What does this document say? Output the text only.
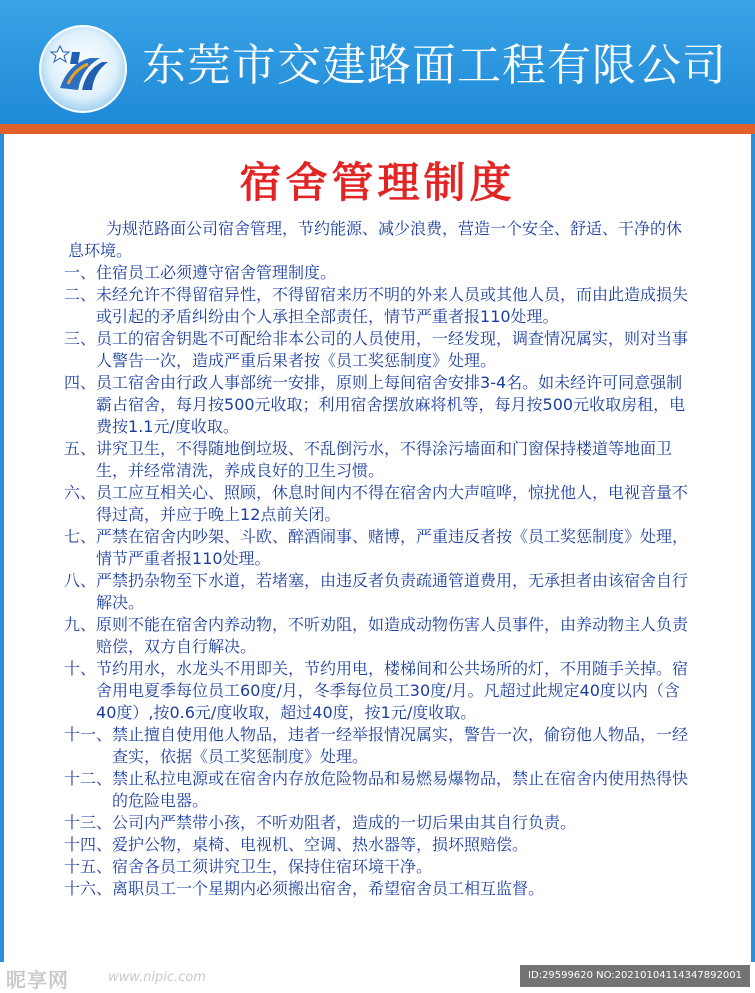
东莞市交建路面工程有限公司
宿舍管理制度
为规范路面公司宿舍管理，节约能源、减少浪费，营造一个安全、舒适、干净的休息环境。
一、 住宿员工必须遵守宿舍管理制度。
二、 未经允许不得留宿异性，不得留宿来历不明的外来人员或其他人员，而由此造成损失或引起的矛盾纠纷由个人承担全部责任，情节严重者报110处理。
三、 员工的宿舍钥匙不可配给非本公司的人员使用，一经发现，调查情况属实，则对当事人警告一次，造成严重后果者按《员工奖惩制度》处理。
四、 员工宿舍由行政人事部统一安排，原则上每间宿舍安排3-4名。如未经许可同意强制霸占宿舍，每月按500元收取；利用宿舍摆放麻将机等，每月按500元收取房租，电费按1.1元/度收取。
五、 讲究卫生，不得随地倒垃圾、不乱倒污水，不得涂污墙面和门窗保持楼道等地面卫生，并经常清洗，养成良好的卫生习惯。
六、 员工应互相关心、照顾，休息时间内不得在宿舍内大声喧哗，惊扰他人，电视音量不得过高，并应于晚上12点前关闭。
七、 严禁在宿舍内吵架、斗欧、醉酒闹事、赌博，严重违反者按《员工奖惩制度》处理，情节严重者报110处理。
八、 严禁扔杂物至下水道，若堵塞，由违反者负责疏通管道费用，无承担者由该宿舍自行解决。
九、 原则不能在宿舍内养动物，不听劝阻，如造成动物伤害人员事件，由养动物主人负责赔偿，双方自行解决。
十、 节约用水，水龙头不用即关，节约用电，楼梯间和公共场所的灯，不用随手关掉。宿舍用电夏季每位员工60度/月，冬季每位员工30度/月。凡超过此规定40度以内（含40度）,按0.6元/度收取，超过40度，按1元/度收取。
十一、 禁止擅自使用他人物品，违者一经举报情况属实，警告一次，偷窃他人物品，一经查实，依据《员工奖惩制度》处理。
十二、 禁止私拉电源或在宿舍内存放危险物品和易燃易爆物品，禁止在宿舍内使用热得快的危险电器。
十三、 公司内严禁带小孩，不听劝阻者，造成的一切后果由其自行负责。
十四、 爱护公物，桌椅、电视机、空调、热水器等，损坏照赔偿。
十五、 宿舍各员工须讲究卫生，保持住宿环境干净。
十六、 离职员工一个星期内必须搬出宿舍，希望宿舍员工相互监督。
昵享网	www.nipic.com	ID:29599620 NO:20210104114347892001
